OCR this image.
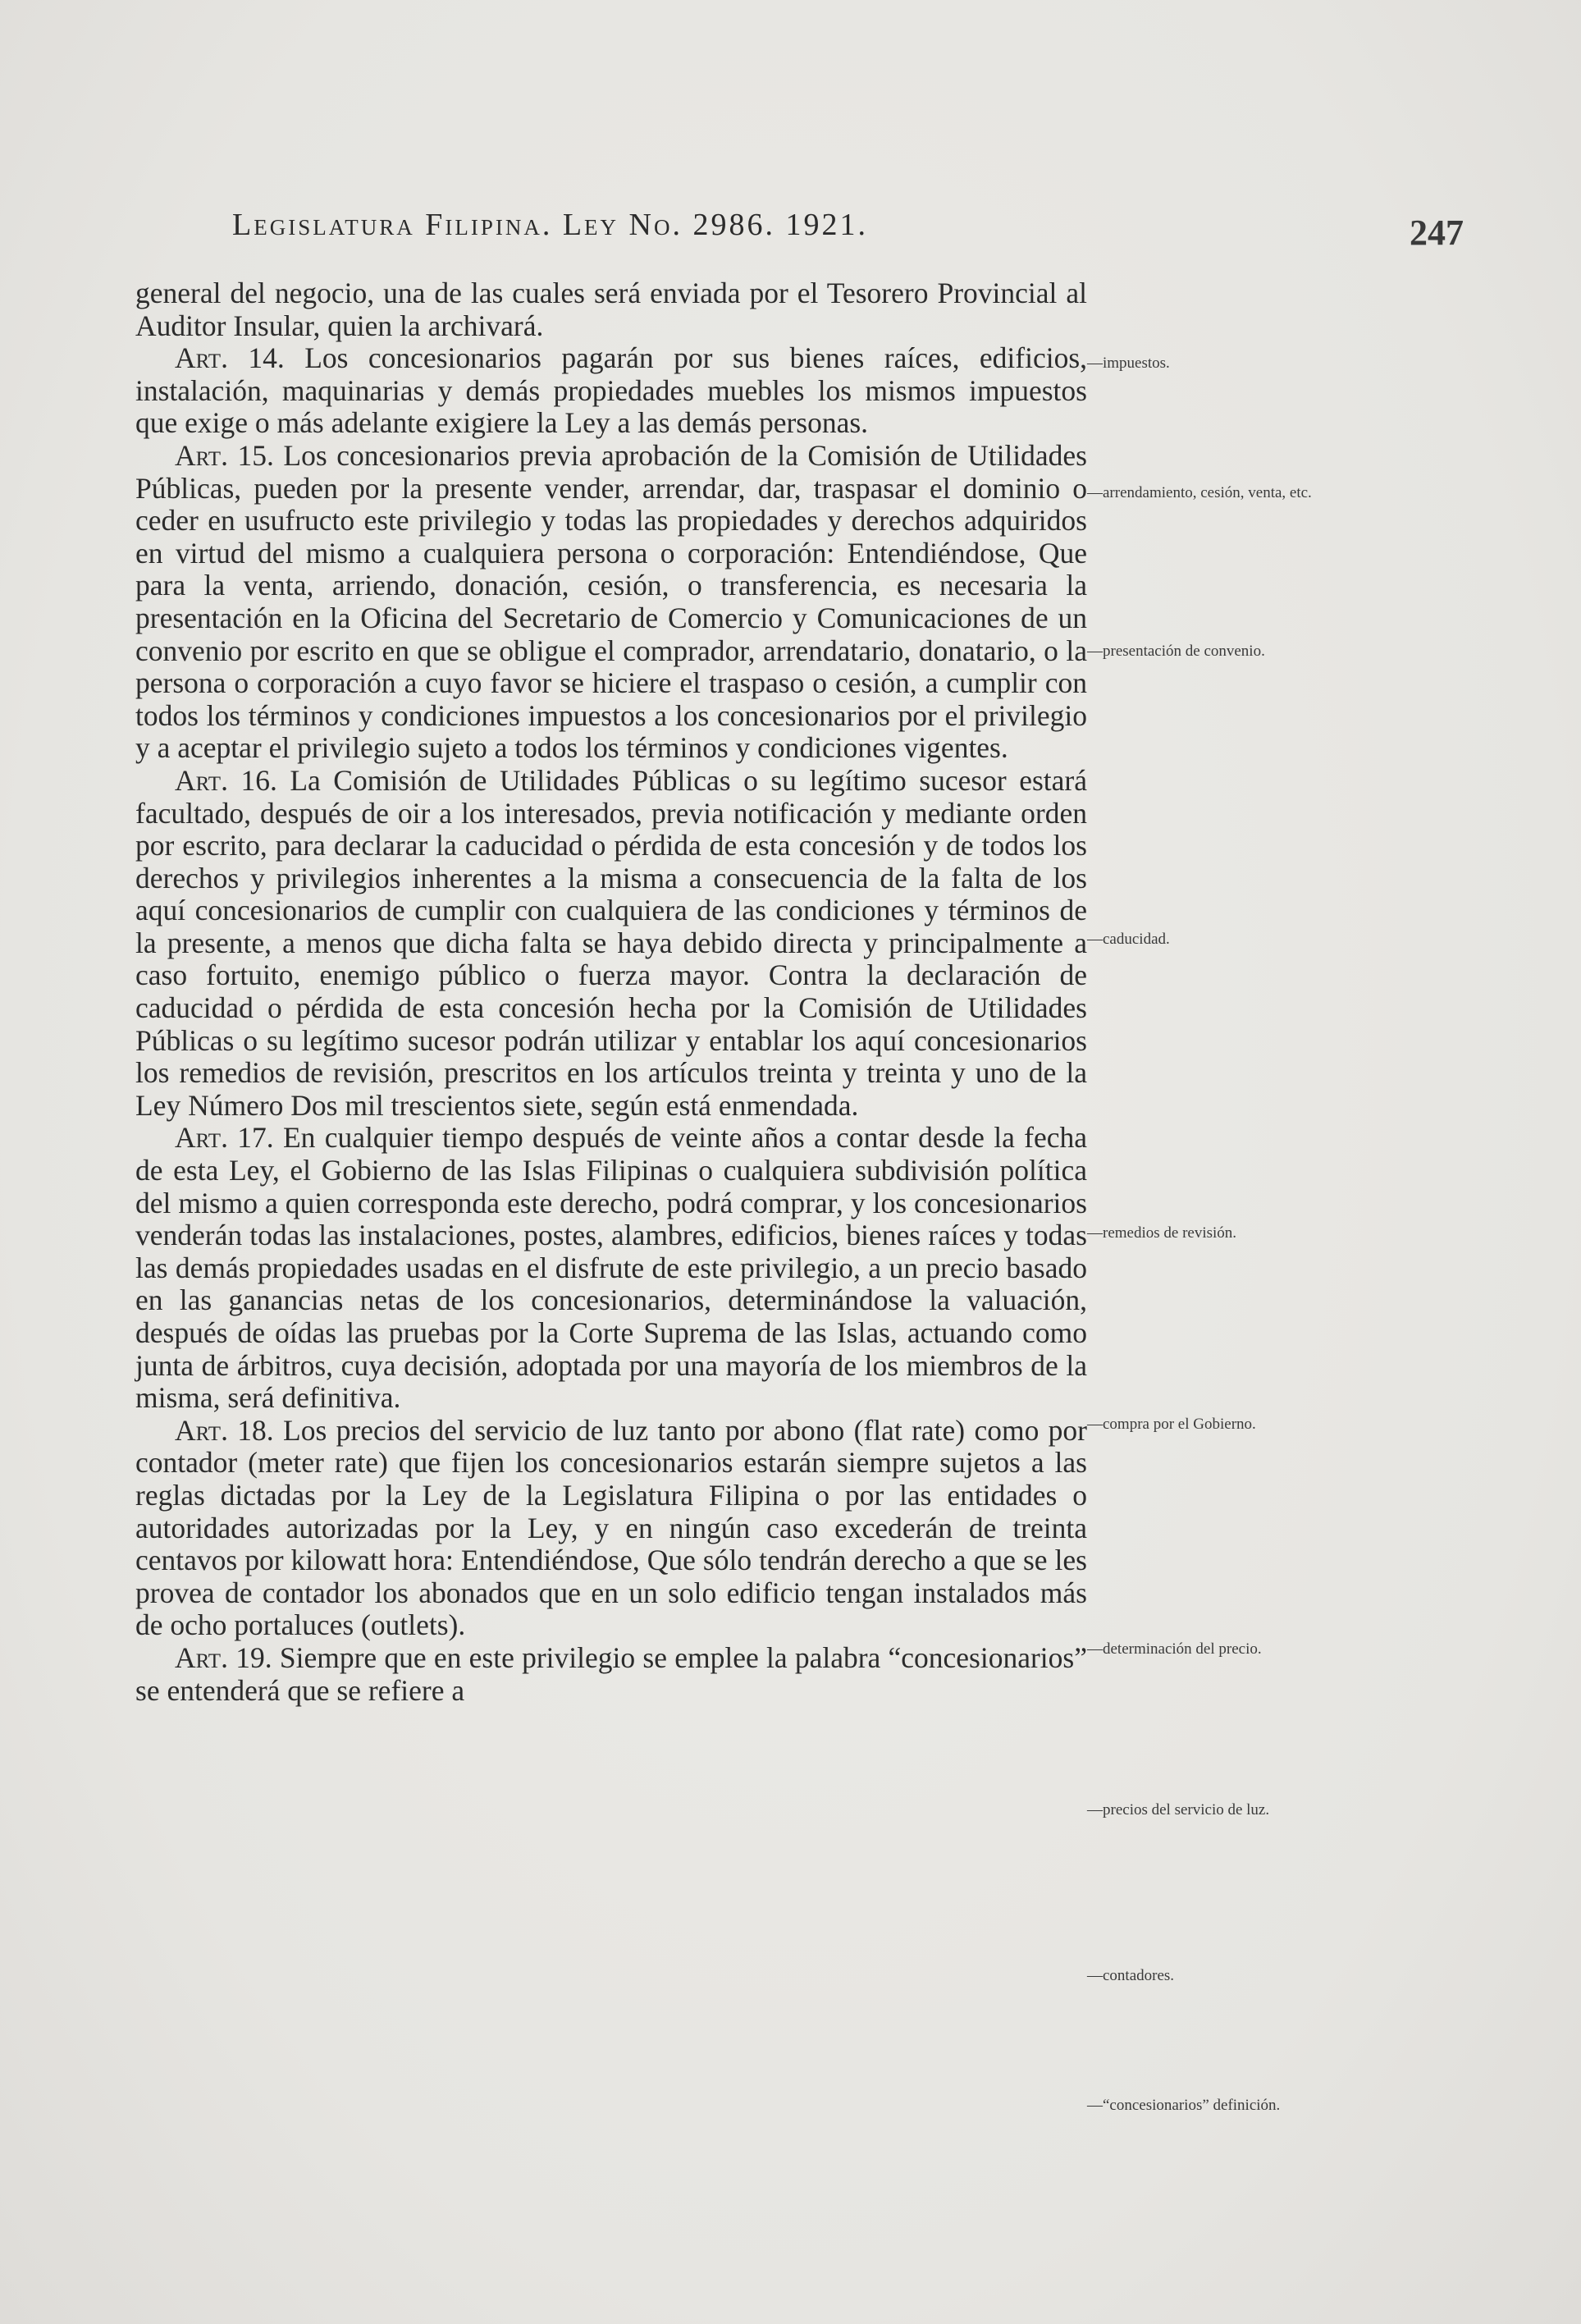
Legislatura Filipina. Ley No. 2986. 1921.	247

general del negocio, una de las cuales será enviada por el Tesorero Provincial al Auditor Insular, quien la archivará.

Art. 14. Los concesionarios pagarán por sus bienes raíces, edificios, instalación, maquinarias y demás propiedades muebles los mismos impuestos que exige o más adelante exigiere la Ley a las demás personas.

Art. 15. Los concesionarios previa aprobación de la Comisión de Utilidades Públicas, pueden por la presente vender, arrendar, dar, traspasar el dominio o ceder en usufructo este privilegio y todas las propiedades y derechos adquiridos en virtud del mismo a cualquiera persona o corporación: Entendiéndose, Que para la venta, arriendo, donación, cesión, o transferencia, es necesaria la presentación en la Oficina del Secretario de Comercio y Comunicaciones de un convenio por escrito en que se obligue el comprador, arrendatario, donatario, o la persona o corporación a cuyo favor se hiciere el traspaso o cesión, a cumplir con todos los términos y condiciones impuestos a los concesionarios por el privilegio y a aceptar el privilegio sujeto a todos los términos y condiciones vigentes.

Art. 16. La Comisión de Utilidades Públicas o su legítimo sucesor estará facultado, después de oir a los interesados, previa notificación y mediante orden por escrito, para declarar la caducidad o pérdida de esta concesión y de todos los derechos y privilegios inherentes a la misma a consecuencia de la falta de los aquí concesionarios de cumplir con cualquiera de las condiciones y términos de la presente, a menos que dicha falta se haya debido directa y principalmente a caso fortuito, enemigo público o fuerza mayor. Contra la declaración de caducidad o pérdida de esta concesión hecha por la Comisión de Utilidades Públicas o su legítimo sucesor podrán utilizar y entablar los aquí concesionarios los remedios de revisión, prescritos en los artículos treinta y treinta y uno de la Ley Número Dos mil trescientos siete, según está enmendada.

Art. 17. En cualquier tiempo después de veinte años a contar desde la fecha de esta Ley, el Gobierno de las Islas Filipinas o cualquiera subdivisión política del mismo a quien corresponda este derecho, podrá comprar, y los concesionarios venderán todas las instalaciones, postes, alambres, edificios, bienes raíces y todas las demás propiedades usadas en el disfrute de este privilegio, a un precio basado en las ganancias netas de los concesionarios, determinándose la valuación, después de oídas las pruebas por la Corte Suprema de las Islas, actuando como junta de árbitros, cuya decisión, adoptada por una mayoría de los miembros de la misma, será definitiva.

Art. 18. Los precios del servicio de luz tanto por abono (flat rate) como por contador (meter rate) que fijen los concesionarios estarán siempre sujetos a las reglas dictadas por la Ley de la Legislatura Filipina o por las entidades o autoridades autorizadas por la Ley, y en ningún caso excederán de treinta centavos por kilowatt hora: Entendiéndose, Que sólo tendrán derecho a que se les provea de contador los abonados que en un solo edificio tengan instalados más de ocho portaluces (outlets).

Art. 19. Siempre que en este privilegio se emplee la palabra “concesionarios” se entenderá que se refiere a

—impuestos.
—arrendamiento, cesión, venta, etc.
—presentación de convenio.
—caducidad.
—remedios de revisión.
—compra por el Gobierno.
—determinación del precio.
—precios del servicio de luz.
—contadores.
—“concesionarios” definición.
